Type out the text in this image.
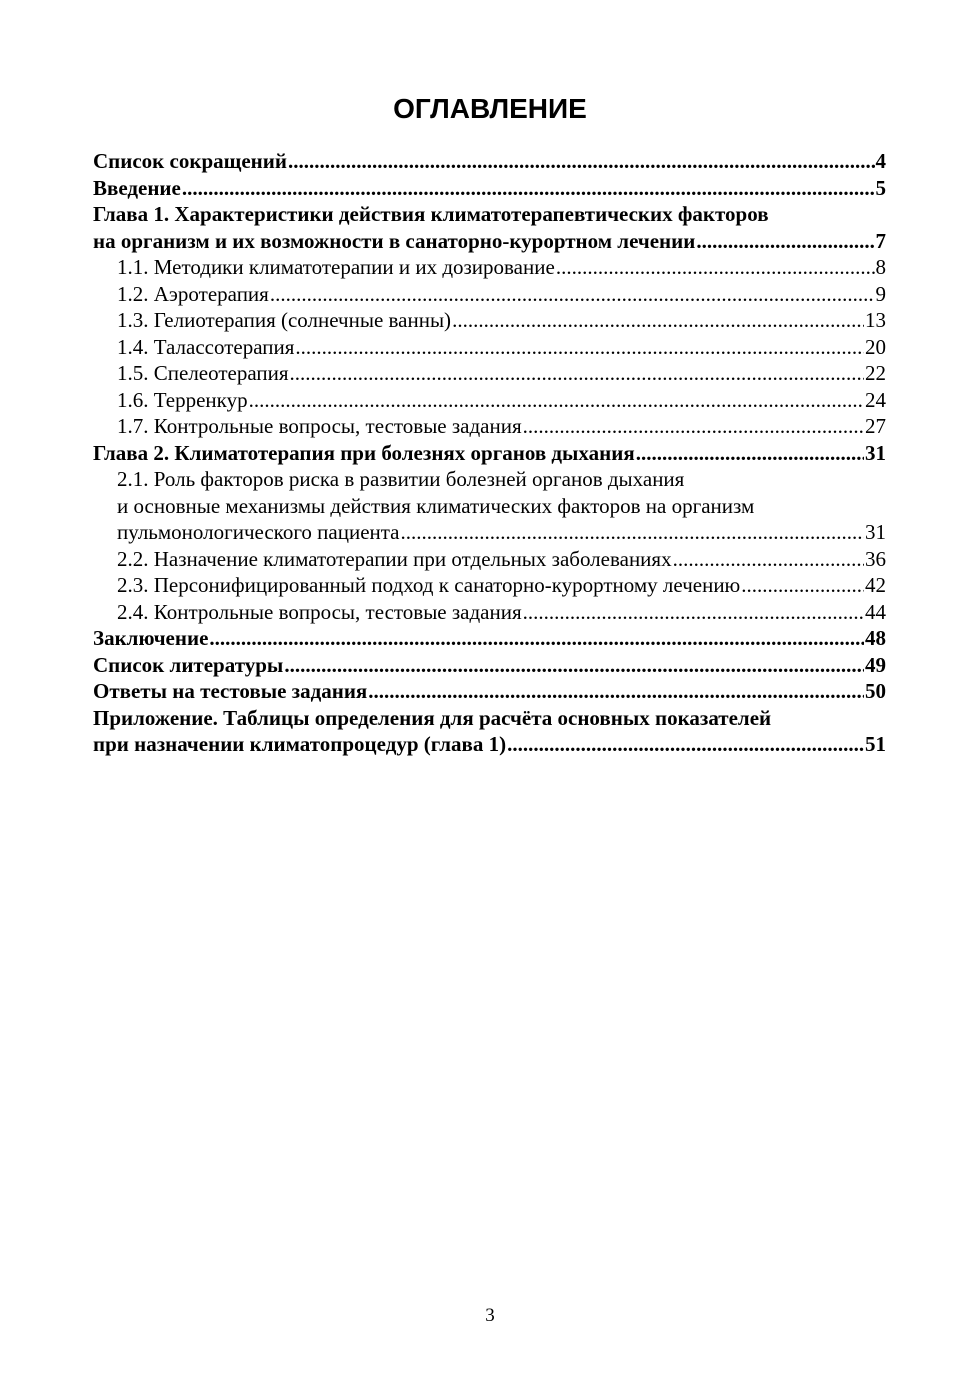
ОГЛАВЛЕНИЕ
Список сокращений .....	4
Введение .....	5
Глава 1. Характеристики действия климатотерапевтических факторов
на организм и их возможности в санаторно-курортном лечении .....	7
1.1. Методики климатотерапии и их дозирование .....	8
1.2. Аэротерапия .....	9
1.3. Гелиотерапия (солнечные ванны) .....	13
1.4. Талассотерапия .....	20
1.5. Спелеотерапия .....	22
1.6. Терренкур .....	24
1.7. Контрольные вопросы, тестовые задания .....	27
Глава 2. Климатотерапия при болезнях органов дыхания .....	31
2.1. Роль факторов риска в развитии болезней органов дыхания
и основные механизмы действия климатических факторов на организм
пульмонологического пациента .....	31
2.2. Назначение климатотерапии при отдельных заболеваниях .....	36
2.3. Персонифицированный подход к санаторно-курортному лечению .....	42
2.4. Контрольные вопросы, тестовые задания .....	44
Заключение .....	48
Список литературы .....	49
Ответы на тестовые задания .....	50
Приложение. Таблицы определения для расчёта основных показателей
при назначении климатопроцедур (глава 1) .....	51
3
